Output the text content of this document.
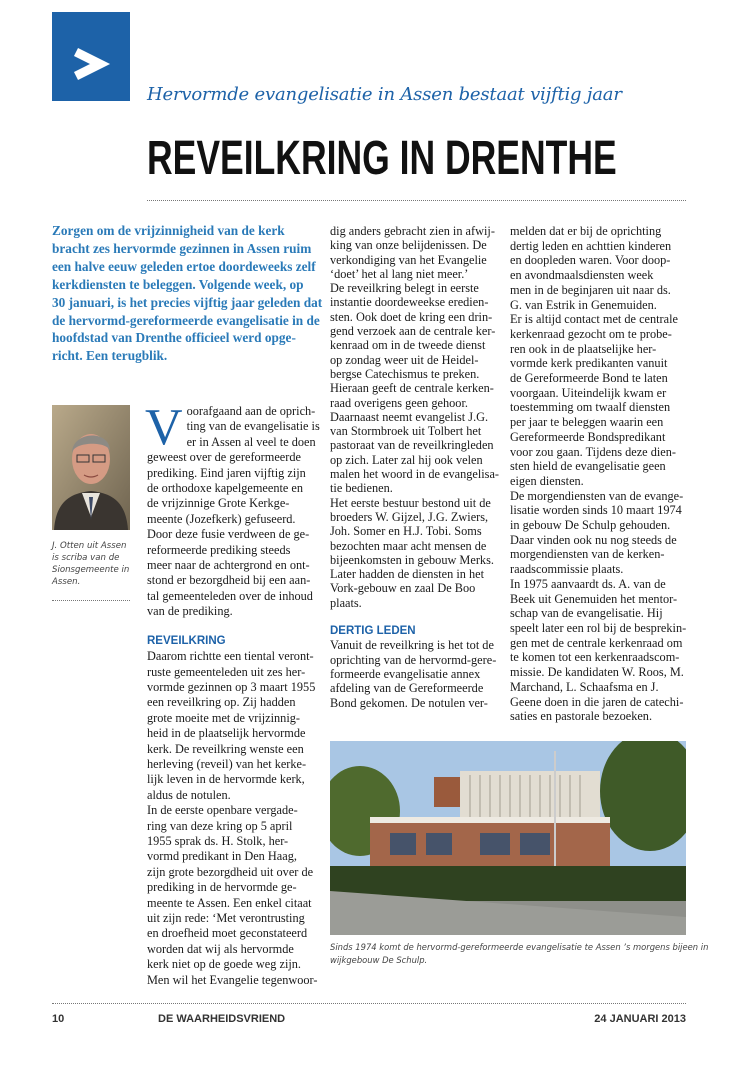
Hervormde evangelisatie in Assen bestaat vijftig jaar
REVEILKRING IN DRENTHE
Zorgen om de vrijzinnigheid van de kerk
bracht zes hervormde gezinnen in Assen ruim
een halve eeuw geleden ertoe doordeweeks zelf
kerkdiensten te beleggen. Volgende week, op
30 januari, is het precies vijftig jaar geleden dat
de hervormd-gereformeerde evangelisatie in de
hoofdstad van Drenthe officieel werd opge-
richt. Een terugblik.
J. Otten uit Assen
is scriba van de
Sionsgemeente in
Assen.
V oorafgaand aan de oprich-
ting van de evangelisatie is
er in Assen al veel te doen
geweest over de gereformeerde
prediking. Eind jaren vijftig zijn
de orthodoxe kapelgemeente en
de vrijzinnige Grote Kerkge-
meente (Jozefkerk) gefuseerd.
Door deze fusie verdween de ge-
reformeerde prediking steeds
meer naar de achtergrond en ont-
stond er bezorgdheid bij een aan-
tal gemeenteleden over de inhoud
van de prediking.
REVEILKRING
Daarom richtte een tiental veront-
ruste gemeenteleden uit zes her-
vormde gezinnen op 3 maart 1955
een reveilkring op. Zij hadden
grote moeite met de vrijzinnig-
heid in de plaatselijk hervormde
kerk. De reveilkring wenste een
herleving (reveil) van het kerke-
lijk leven in de hervormde kerk,
aldus de notulen.
In de eerste openbare vergade-
ring van deze kring op 5 april
1955 sprak ds. H. Stolk, her-
vormd predikant in Den Haag,
zijn grote bezorgdheid uit over de
prediking in de hervormde ge-
meente te Assen. Een enkel citaat
uit zijn rede: ‘Met verontrusting
en droefheid moet geconstateerd
worden dat wij als hervormde
kerk niet op de goede weg zijn.
Men wil het Evangelie tegenwoor-
dig anders gebracht zien in afwij-
king van onze belijdenissen. De
verkondiging van het Evangelie
‘doet’ het al lang niet meer.’
De reveilkring belegt in eerste
instantie doordeweekse eredien-
sten. Ook doet de kring een drin-
gend verzoek aan de centrale ker-
kenraad om in de tweede dienst
op zondag weer uit de Heidel-
bergse Catechismus te preken.
Hieraan geeft de centrale kerken-
raad overigens geen gehoor.
Daarnaast neemt evangelist J.G.
van Stormbroek uit Tolbert het
pastoraat van de reveilkringleden
op zich. Later zal hij ook velen
malen het woord in de evangelisa-
tie bedienen.
Het eerste bestuur bestond uit de
broeders W. Gijzel, J.G. Zwiers,
Joh. Somer en H.J. Tobi. Soms
bezochten maar acht mensen de
bijeenkomsten in gebouw Merks.
Later hadden de diensten in het
Vork-gebouw en zaal De Boo
plaats.
DERTIG LEDEN
Vanuit de reveilkring is het tot de
oprichting van de hervormd-gere-
formeerde evangelisatie annex
afdeling van de Gereformeerde
Bond gekomen. De notulen ver-
melden dat er bij de oprichting
dertig leden en achttien kinderen
en doopleden waren. Voor doop-
en avondmaalsdiensten week
men in de beginjaren uit naar ds.
G. van Estrik in Genemuiden.
Er is altijd contact met de centrale
kerkenraad gezocht om te probe-
ren ook in de plaatselijke her-
vormde kerk predikanten vanuit
de Gereformeerde Bond te laten
voorgaan. Uiteindelijk kwam er
toestemming om twaalf diensten
per jaar te beleggen waarin een
Gereformeerde Bondspredikant
voor zou gaan. Tijdens deze dien-
sten hield de evangelisatie geen
eigen diensten.
De morgendiensten van de evange-
lisatie worden sinds 10 maart 1974
in gebouw De Schulp gehouden.
Daar vinden ook nu nog steeds de
morgendiensten van de kerken-
raadscommissie plaats.
In 1975 aanvaardt ds. A. van de
Beek uit Genemuiden het mentor-
schap van de evangelisatie. Hij
speelt later een rol bij de besprekin-
gen met de centrale kerkenraad om
te komen tot een kerkenraadscom-
missie. De kandidaten W. Roos, M.
Marchand, L. Schaafsma en J.
Geene doen in die jaren de catechi-
saties en pastorale bezoeken.
Sinds 1974 komt de hervormd-gereformeerde evangelisatie te Assen ’s morgens bijeen in
wijkgebouw De Schulp.
10	DE WAARHEIDSVRIEND	24 JANUARI 2013
